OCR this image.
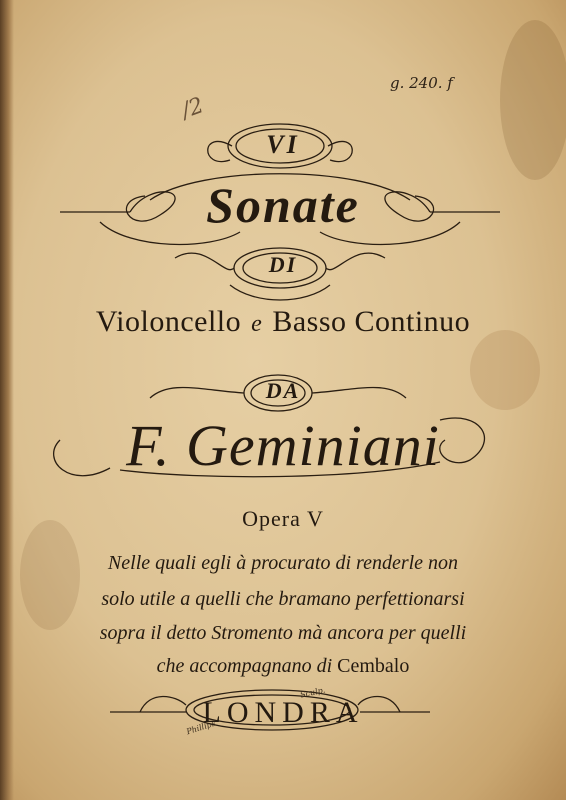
g. 240. f
/2
VI
Sonate
DI
Violoncello e Basso Continuo
DA
F. Geminiani
Opera V
Nelle quali egli à procurato di renderle non
solo utile a quelli che bramano perfettionarsi
sopra il detto Stromento mà ancora per quelli
che accompagnano di Cembalo
LONDRA
Phillips
Sculp.
